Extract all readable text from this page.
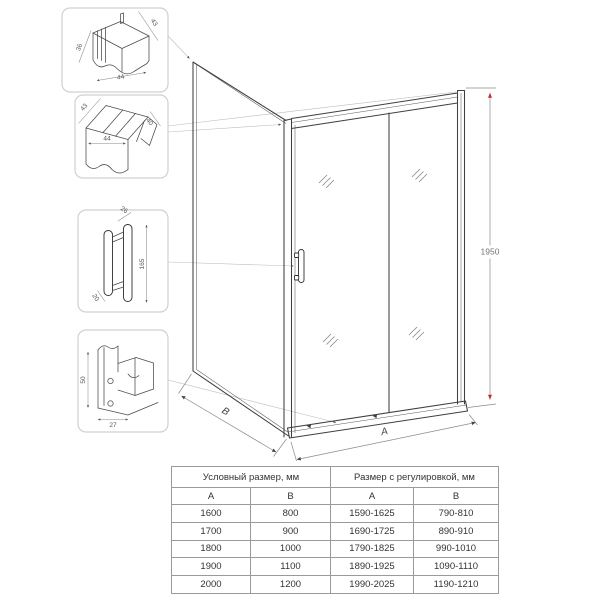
36
44
43
43
44
40
26
165
20
50
27
1950
B
A
Условный размер, мм		Размер с регулировкой, мм	
A	B	A	B
1600	800	1590-1625	790-810
1700	900	1690-1725	890-910
1800	1000	1790-1825	990-1010
1900	1100	1890-1925	1090-1110
2000	1200	1990-2025	1190-1210
